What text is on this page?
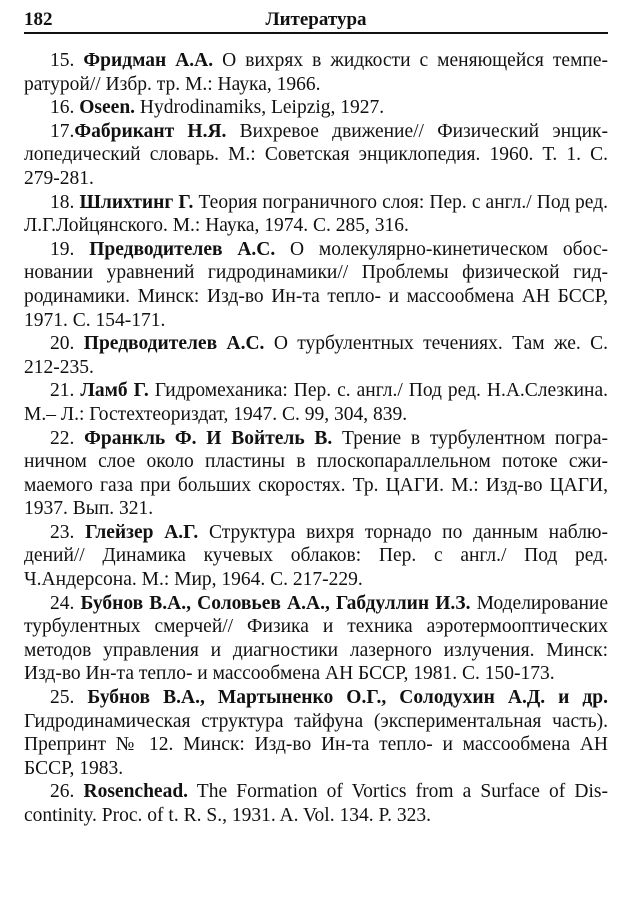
182	Литература

15. Фридман А.А. О вихрях в жидкости с меняющейся температурой// Избр. тр. М.: Наука, 1966.

16. Oseen. Hydrodinamiks, Leipzig, 1927.

17.Фабрикант Н.Я. Вихревое движение// Физический энциклопедический словарь. М.: Советская энциклопедия. 1960. Т. 1. С. 279-281.

18. Шлихтинг Г. Теория пограничного слоя: Пер. с англ./ Под ред. Л.Г.Лойцянского. М.: Наука, 1974. С. 285, 316.

19. Предводителев А.С. О молекулярно-кинетическом обосновании уравнений гидродинамики// Проблемы физической гидродинамики. Минск: Изд-во Ин-та тепло- и массообмена АН БССР, 1971. С. 154-171.

20. Предводителев А.С. О турбулентных течениях. Там же. С. 212-235.

21. Ламб Г. Гидромеханика: Пер. с. англ./ Под ред. Н.А.Слезкина. М.– Л.: Гостехтеориздат, 1947. С. 99, 304, 839.

22. Франкль Ф. И Войтель В. Трение в турбулентном пограничном слое около пластины в плоскопараллельном потоке сжимаемого газа при больших скоростях. Тр. ЦАГИ. М.: Изд-во ЦАГИ, 1937. Вып. 321.

23. Глейзер А.Г. Структура вихря торнадо по данным наблюдений// Динамика кучевых облаков: Пер. с англ./ Под ред. Ч.Андерсона. М.: Мир, 1964. С. 217-229.

24. Бубнов В.А., Соловьев А.А., Габдуллин И.З. Моделирование турбулентных смерчей// Физика и техника аэротермооптических методов управления и диагностики лазерного излучения. Минск: Изд-во Ин-та тепло- и массообмена АН БССР, 1981. С. 150-173.

25. Бубнов В.А., Мартыненко О.Г., Солодухин А.Д. и др. Гидродинамическая структура тайфуна (экспериментальная часть). Препринт № 12. Минск: Изд-во Ин-та тепло- и массообмена АН БССР, 1983.

26. Rosenchead. The Formation of Vortics from a Surface of Discontinity. Proc. of t. R. S., 1931. A. Vol. 134. P. 323.
